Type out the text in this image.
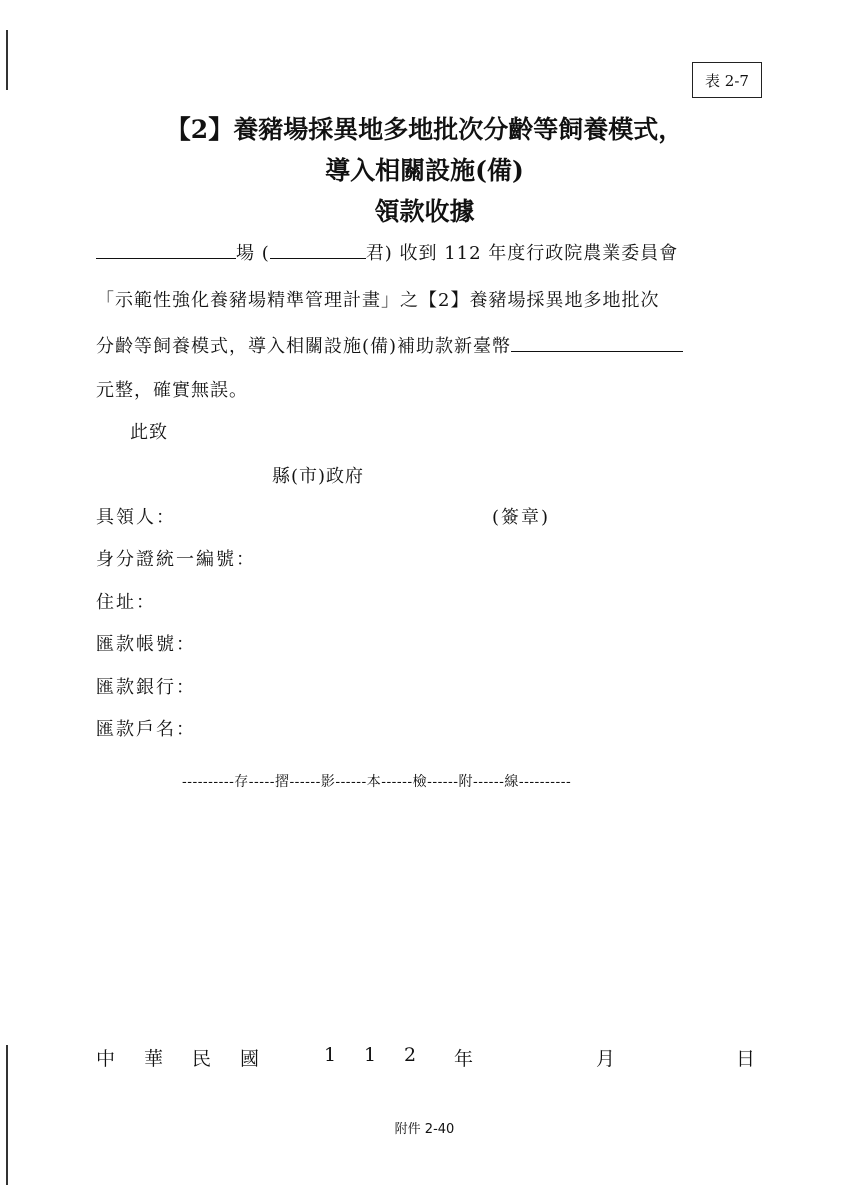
表 2-7
【2】養豬場採異地多地批次分齡等飼養模式，
導入相關設施(備)
領款收據
場 (	君) 收到 112 年度行政院農業委員會
「示範性強化養豬場精準管理計畫」之【2】養豬場採異地多地批次
分齡等飼養模式，導入相關設施(備)補助款新臺幣
元整，確實無誤。
此致
縣(市)政府
具領人：	(簽章)
身分證統一編號：
住址：
匯款帳號：
匯款銀行：
匯款戶名：
----------存-----摺------影------本------檢------附------線----------
中 華 民 國	1 1 2 年	月	日
附件 2-40
